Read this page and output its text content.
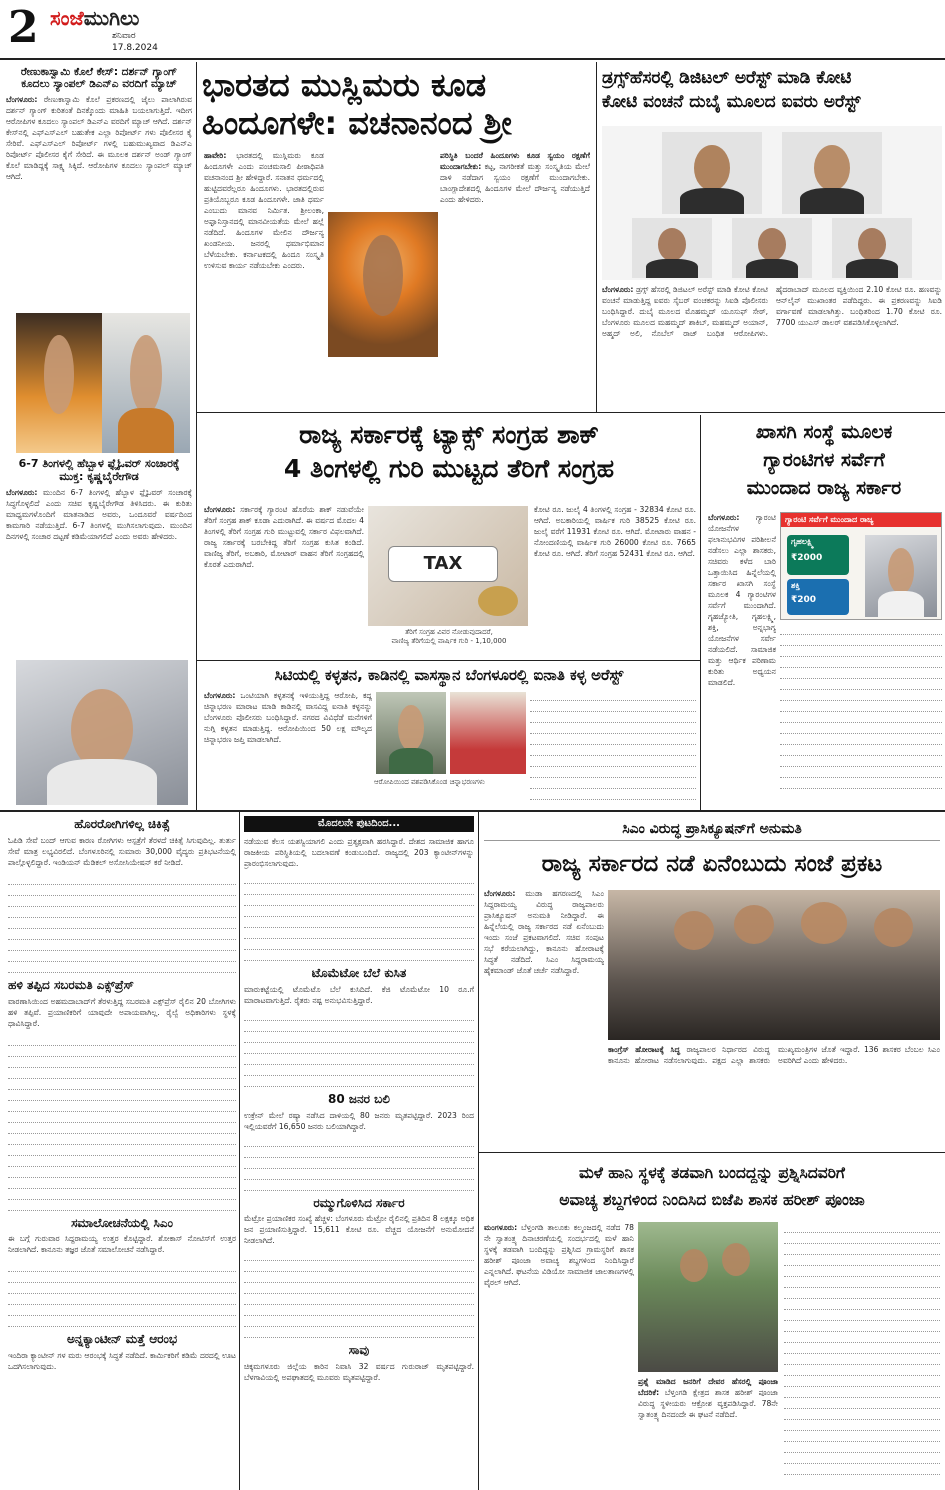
2 ಸಂಜೆಮುಗಿಲು
ಶನಿವಾರ
17.8.2024
ರೇಣುಕಾಸ್ವಾಮಿ ಕೊಲೆ ಕೇಸ್: ದರ್ಶನ್ ಗ್ಯಾಂಗ್ ಕೂದಲು ಸ್ಯಾಂಪಲ್ ಡಿಎನ್‌ಎ ವರದಿಗೆ ಮ್ಯಾಚ್
ಬೆಂಗಳೂರು: ರೇಣುಕಾಸ್ವಾಮಿ ಕೊಲೆ ಪ್ರಕರಣದಲ್ಲಿ ಜೈಲು ಪಾಲಾಗಿರುವ ದರ್ಶನ್ ಗ್ಯಾಂಗ್ ಕುರಿತಂತೆ ದಿನಕ್ಕೊಂದು ಮಾಹಿತಿ ಬಯಲಾಗುತ್ತಿದೆ. ಇದೀಗ ಆರೋಪಿಗಳ ಕೂದಲು ಸ್ಯಾಂಪಲ್ ಡಿಎನ್‌ಎ ವರದಿಗೆ ಮ್ಯಾಚ್ ಆಗಿದೆ. ದರ್ಶನ್ ಕೇಸ್‌ನಲ್ಲಿ ಎಫ್‌ಎಸ್‌ಎಲ್ ಬಹುತೇಕ ಎಲ್ಲಾ ರಿಪೋರ್ಟ್ ಗಳು ಪೊಲೀಸರ ಕೈ ಸೇರಿವೆ. ಎಫ್‌ಎಸ್‌ಎಲ್ ರಿಪೋರ್ಟ್ ಗಳಲ್ಲಿ ಬಹುಮುಖ್ಯವಾದ ಡಿಎನ್‌ಎ ರಿಪೋರ್ಟ್ ಪೊಲೀಸರ ಕೈಗೆ ಸೇರಿದೆ. ಈ ಮೂಲಕ ದರ್ಶನ್ ಅಂಡ್ ಗ್ಯಾಂಗ್ ಕೊಲೆ ಮಾಡಿದ್ದಕ್ಕೆ ಸಾಕ್ಷ್ಯ ಸಿಕ್ಕಿದೆ. ಆರೋಪಿಗಳ ಕೂದಲು ಸ್ಯಾಂಪಲ್ ಮ್ಯಾಚ್ ಆಗಿದೆ.
6-7 ತಿಂಗಳಲ್ಲಿ ಹೆಬ್ಬಾಳ ಫ್ಲೈಓವರ್ ಸಂಚಾರಕ್ಕೆ ಮುಕ್ತ: ಕೃಷ್ಣಬೈರೇಗೌಡ
ಬೆಂಗಳೂರು: ಮುಂದಿನ 6-7 ತಿಂಗಳಲ್ಲಿ ಹೆಬ್ಬಾಳ ಫ್ಲೈಓವರ್ ಸಂಚಾರಕ್ಕೆ ಸಿದ್ಧಗೊಳ್ಳಲಿದೆ ಎಂದು ಸಚಿವ ಕೃಷ್ಣಬೈರೇಗೌಡ ತಿಳಿಸಿದರು. ಈ ಕುರಿತು ಮಾಧ್ಯಮಗಳೊಂದಿಗೆ ಮಾತನಾಡಿದ ಅವರು, ಒಂದೂವರೆ ವರ್ಷದಿಂದ ಕಾಮಗಾರಿ ನಡೆಯುತ್ತಿದೆ. 6-7 ತಿಂಗಳಲ್ಲಿ ಮುಗಿಸಲಾಗುವುದು. ಮುಂದಿನ ದಿನಗಳಲ್ಲಿ ಸಂಚಾರ ದಟ್ಟಣೆ ಕಡಿಮೆಯಾಗಲಿದೆ ಎಂದು ಅವರು ಹೇಳಿದರು.
ಭಾರತದ ಮುಸ್ಲಿಮರು ಕೂಡ
ಹಿಂದೂಗಳೇ: ವಚನಾನಂದ ಶ್ರೀ
ಹಾವೇರಿ: ಭಾರತದಲ್ಲಿ ಮುಸ್ಲಿಮರು ಕೂಡ ಹಿಂದೂಗಳೇ ಎಂದು ಪಂಚಮಸಾಲಿ ಪೀಠಾಧಿಪತಿ ವಚನಾನಂದ ಶ್ರೀ ಹೇಳಿದ್ದಾರೆ. ಸನಾತನ ಧರ್ಮದಲ್ಲಿ ಹುಟ್ಟಿದವರೆಲ್ಲರೂ ಹಿಂದೂಗಳು. ಭಾರತದಲ್ಲಿರುವ ಪ್ರತಿಯೊಬ್ಬರೂ ಕೂಡ ಹಿಂದೂಗಳೇ. ಜಾತಿ ಧರ್ಮ ಎಂಬುದು ಮಾನವ ನಿರ್ಮಿತ. ಶ್ರೀಲಂಕಾ, ಅಫ್ಘಾನಿಸ್ತಾನದಲ್ಲಿ ಮಾನವೀಯತೆಯ ಮೇಲೆ ಹಲ್ಲೆ ನಡೆದಿದೆ. ಹಿಂದೂಗಳ ಮೇಲಿನ ದೌರ್ಜನ್ಯ ಖಂಡನೀಯ. ಜನರಲ್ಲಿ ಧರ್ಮಾಭಿಮಾನ ಬೆಳೆಯಬೇಕು. ಕರ್ನಾಟಕದಲ್ಲಿ ಹಿಂದೂ ಸಂಸ್ಕೃತಿ ಉಳಿಸುವ ಕಾರ್ಯ ನಡೆಯಬೇಕು ಎಂದರು.
ಪರಿಸ್ಥಿತಿ ಬಂದರೆ ಹಿಂದೂಗಳು ಕೂಡ ಸ್ವಯಂ ರಕ್ಷಣೆಗೆ ಮುಂದಾಗಬೇಕು: ಕಟ್ಟ, ನಾಗರೀಕತೆ ಮತ್ತು ಸಂಸ್ಕೃತಿಯ ಮೇಲೆ ದಾಳಿ ನಡೆದಾಗ ಸ್ವಯಂ ರಕ್ಷಣೆಗೆ ಮುಂದಾಗಬೇಕು. ಬಾಂಗ್ಲಾದೇಶದಲ್ಲಿ ಹಿಂದೂಗಳ ಮೇಲೆ ದೌರ್ಜನ್ಯ ನಡೆಯುತ್ತಿದೆ ಎಂದು ಹೇಳಿದರು.
ಡ್ರಗ್ಸ್‌ಹೆಸರಲ್ಲಿ ಡಿಜಿಟಲ್ ಅರೆಸ್ಟ್ ಮಾಡಿ ಕೋಟಿ
ಕೋಟಿ ವಂಚನೆ ದುಬೈ ಮೂಲದ ಐವರು ಅರೆಸ್ಟ್
ಬೆಂಗಳೂರು: ಡ್ರಗ್ಸ್ ಹೆಸರಲ್ಲಿ ಡಿಜಿಟಲ್ ಅರೆಸ್ಟ್ ಮಾಡಿ ಕೋಟಿ ಕೋಟಿ ವಂಚನೆ ಮಾಡುತ್ತಿದ್ದ ಐವರು ಸೈಬರ್ ವಂಚಕರನ್ನು ಸಿಐಡಿ ಪೊಲೀಸರು ಬಂಧಿಸಿದ್ದಾರೆ. ದುಬೈ ಮೂಲದ ಮೊಹಮ್ಮದ್ ಯೂಸುಫ್ ಸೇಠ್, ಬೆಂಗಳೂರು ಮೂಲದ ಮಹಮ್ಮದ್ ಶಾಕಿಬ್, ಮಹಮ್ಮದ್ ಅಯಾನ್, ಅಹ್ಮದ್ ಅಲಿ, ನೊಬೆಲ್ ರಾಜ್ ಬಂಧಿತ ಆರೋಪಿಗಳು. ಹೈದರಾಬಾದ್ ಮೂಲದ ವ್ಯಕ್ತಿಯಿಂದ 2.10 ಕೋಟಿ ರೂ. ಹಣವನ್ನು ಆನ್‌ಲೈನ್ ಮುಖಾಂತರ ಪಡೆದಿದ್ದರು. ಈ ಪ್ರಕರಣವನ್ನು ಸಿಐಡಿ ವರ್ಗಾವಣೆ ಮಾಡಲಾಗಿತ್ತು. ಬಂಧಿತರಿಂದ 1.70 ಕೋಟಿ ರೂ. 7700 ಯುಎಸ್ ಡಾಲರ್ ವಶಪಡಿಸಿಕೊಳ್ಳಲಾಗಿದೆ.
ರಾಜ್ಯ ಸರ್ಕಾರಕ್ಕೆ ಟ್ಯಾಕ್ಸ್ ಸಂಗ್ರಹ ಶಾಕ್
4 ತಿಂಗಳಲ್ಲಿ ಗುರಿ ಮುಟ್ಟದ ತೆರಿಗೆ ಸಂಗ್ರಹ
ಬೆಂಗಳೂರು: ಸರ್ಕಾರಕ್ಕೆ ಗ್ಯಾರಂಟಿ ಹೊರೆಯ ಶಾಕ್ ನಡುವೆಯೇ ತೆರಿಗೆ ಸಂಗ್ರಹ ಶಾಕ್ ಕೂಡಾ ಎದುರಾಗಿದೆ. ಈ ವರ್ಷದ ಮೊದಲ 4 ತಿಂಗಳಲ್ಲಿ ತೆರಿಗೆ ಸಂಗ್ರಹ ಗುರಿ ಮುಟ್ಟುವಲ್ಲಿ ಸರ್ಕಾರ ವಿಫಲವಾಗಿದೆ. ರಾಜ್ಯ ಸರ್ಕಾರಕ್ಕೆ ಬರಬೇಕಿದ್ದ ತೆರಿಗೆ ಸಂಗ್ರಹ ಕುಸಿತ ಕಂಡಿದೆ. ವಾಣಿಜ್ಯ ತೆರಿಗೆ, ಅಬಕಾರಿ, ಮೋಟಾರ್ ವಾಹನ ತೆರಿಗೆ ಸಂಗ್ರಹದಲ್ಲಿ ಕೊರತೆ ಎದುರಾಗಿದೆ.	TAX
ತೆರಿಗೆ ಸಂಗ್ರಹ ವಿವರ ನೋಡುವುದಾದರೆ,
ವಾಣಿಜ್ಯ ತೆರಿಗೆಯಲ್ಲಿ ವಾರ್ಷಿಕ ಗುರಿ - 1,10,000
ಕೋಟಿ ರೂ. ಜುಲೈ 4 ತಿಂಗಳಲ್ಲಿ ಸಂಗ್ರಹ - 32834 ಕೋಟಿ ರೂ. ಆಗಿದೆ. ಅಬಕಾರಿಯಲ್ಲಿ ವಾರ್ಷಿಕ ಗುರಿ 38525 ಕೋಟಿ ರೂ. ಜುಲೈ ವರೆಗೆ 11931 ಕೋಟಿ ರೂ. ಆಗಿದೆ. ಮೋಟಾರು ವಾಹನ - ನೋಂದಣಿಯಲ್ಲಿ ವಾರ್ಷಿಕ ಗುರಿ 26000 ಕೋಟಿ ರೂ. 7665 ಕೋಟಿ ರೂ. ಆಗಿದೆ. ತೆರಿಗೆ ಸಂಗ್ರಹ 52431 ಕೋಟಿ ರೂ. ಆಗಿದೆ.
ಖಾಸಗಿ ಸಂಸ್ಥೆ ಮೂಲಕ
ಗ್ಯಾರಂಟಿಗಳ ಸರ್ವೆಗೆ
ಮುಂದಾದ ರಾಜ್ಯ ಸರ್ಕಾರ
ಬೆಂಗಳೂರು: ಗ್ಯಾರಂಟಿ ಯೋಜನೆಗಳ ಫಲಾನುಭವಿಗಳ ಪರಿಶೀಲನೆ ನಡೆಸಲು ಎಲ್ಲಾ ಶಾಸಕರು, ಸಚಿವರು ಕಳೆದ ಬಾರಿ ಒತ್ತಾಯಿಸಿದ ಹಿನ್ನೆಲೆಯಲ್ಲಿ ಸರ್ಕಾರ ಖಾಸಗಿ ಸಂಸ್ಥೆ ಮೂಲಕ 4 ಗ್ಯಾರಂಟಿಗಳ ಸರ್ವೆಗೆ ಮುಂದಾಗಿದೆ. ಗೃಹಜ್ಯೋತಿ, ಗೃಹಲಕ್ಷ್ಮಿ, ಶಕ್ತಿ, ಅನ್ನಭಾಗ್ಯ ಯೋಜನೆಗಳ ಸರ್ವೇ ನಡೆಯಲಿದೆ. ಸಾಮಾಜಿಕ ಮತ್ತು ಆರ್ಥಿಕ ಪರಿಣಾಮ ಕುರಿತು ಅಧ್ಯಯನ ಮಾಡಲಿದೆ.
ಗ್ಯಾರಂಟಿ ಸರ್ವೆಗೆ ಮುಂದಾದ ರಾಜ್ಯ
ಗೃಹಲಕ್ಷ್ಮಿ
₹2000
ಶಕ್ತಿ
₹200
ಸಿಟಿಯಲ್ಲಿ ಕಳ್ಳತನ, ಕಾಡಿನಲ್ಲಿ ವಾಸಸ್ಥಾನ ಬೆಂಗಳೂರಲ್ಲಿ ಐನಾತಿ ಕಳ್ಳ ಅರೆಸ್ಟ್
ಬೆಂಗಳೂರು: ಒಂಟಿಯಾಗಿ ಕಳ್ಳತನಕ್ಕೆ ಇಳಿಯುತ್ತಿದ್ದ ಆರೋಪಿ, ಕದ್ದ ಚಿನ್ನಾಭರಣ ಮಾರಾಟ ಮಾಡಿ ಕಾಡಿನಲ್ಲಿ ವಾಸವಿದ್ದ ಐನಾತಿ ಕಳ್ಳನನ್ನು ಬೆಂಗಳೂರು ಪೊಲೀಸರು ಬಂಧಿಸಿದ್ದಾರೆ. ನಗರದ ವಿವಿಧೆಡೆ ಮನೆಗಳಿಗೆ ನುಗ್ಗಿ ಕಳ್ಳತನ ಮಾಡುತ್ತಿದ್ದ. ಆರೋಪಿಯಿಂದ 50 ಲಕ್ಷ ಮೌಲ್ಯದ ಚಿನ್ನಾಭರಣ ಜಪ್ತಿ ಮಾಡಲಾಗಿದೆ.
ಆರೋಪಿಯಿಂದ ವಶಪಡಿಸಿಕೊಂಡ ಚಿನ್ನಾಭರಣಗಳು
ಹೊರರೋಗಿಗಳಿಲ್ಲ ಚಿಕಿತ್ಸೆ
ಓಪಿಡಿ ಸೇವೆ ಬಂದ್ ಆಗುವ ಕಾರಣ ರೋಗಿಗಳು ಆಸ್ಪತ್ರೆಗೆ ತೆರಳದೆ ಚಿಕಿತ್ಸೆ ಸಿಗುವುದಿಲ್ಲ. ತುರ್ತು ಸೇವೆ ಮಾತ್ರ ಲಭ್ಯವಿರಲಿದೆ. ಬೆಂಗಳೂರಿನಲ್ಲಿ ಸುಮಾರು 30,000 ವೈದ್ಯರು ಪ್ರತಿಭಟನೆಯಲ್ಲಿ ಪಾಲ್ಗೊಳ್ಳಲಿದ್ದಾರೆ. ಇಂಡಿಯನ್ ಮೆಡಿಕಲ್ ಅಸೋಸಿಯೇಷನ್ ಕರೆ ನೀಡಿದೆ.
ಹಳಿ ತಪ್ಪಿದ ಸಬರಮತಿ ಎಕ್ಸ್‌ಪ್ರೆಸ್
ವಾರಣಾಸಿಯಿಂದ ಅಹಮದಾಬಾದ್‌ಗೆ ತೆರಳುತ್ತಿದ್ದ ಸಬರಮತಿ ಎಕ್ಸ್‌ಪ್ರೆಸ್ ರೈಲಿನ 20 ಬೋಗಿಗಳು ಹಳಿ ತಪ್ಪಿವೆ. ಪ್ರಯಾಣಿಕರಿಗೆ ಯಾವುದೇ ಅಪಾಯವಾಗಿಲ್ಲ. ರೈಲ್ವೆ ಅಧಿಕಾರಿಗಳು ಸ್ಥಳಕ್ಕೆ ಧಾವಿಸಿದ್ದಾರೆ.
ಸಮಾಲೋಚನೆಯಲ್ಲಿ ಸಿಎಂ
ಈ ಬಗ್ಗೆ ಗುರುವಾರ ಸಿದ್ದರಾಮಯ್ಯ ಉತ್ತರ ಕೊಟ್ಟಿದ್ದಾರೆ. ಶೋಕಾಸ್ ನೋಟಿಸ್‌ಗೆ ಉತ್ತರ ನೀಡಲಾಗಿದೆ. ಕಾನೂನು ತಜ್ಞರ ಜೊತೆ ಸಮಾಲೋಚನೆ ನಡೆಸಿದ್ದಾರೆ.
ಅನ್ನಕ್ಯಾಂಟೀನ್ ಮತ್ತೆ ಆರಂಭ
ಇಂದಿರಾ ಕ್ಯಾಂಟೀನ್ ಗಳ ಮರು ಆರಂಭಕ್ಕೆ ಸಿದ್ಧತೆ ನಡೆದಿದೆ. ಕಾರ್ಮಿಕರಿಗೆ ಕಡಿಮೆ ದರದಲ್ಲಿ ಊಟ ಒದಗಿಸಲಾಗುವುದು.
ಮೊದಲನೇ ಪುಟದಿಂದ...
ನಡೆಯುವ ಕೆಲಸ ಯಶಸ್ವಿಯಾಗಲಿ ಎಂದು ಪ್ರತ್ಯಕ್ಷವಾಗಿ ಹರಸಿದ್ದಾರೆ. ದೇಶದ ಸಾಮಾಜಿಕ ಹಾಗೂ ರಾಜಕೀಯ ಪರಿಸ್ಥಿತಿಯಲ್ಲಿ ಬದಲಾವಣೆ ಕಂಡುಬಂದಿದೆ. ರಾಜ್ಯದಲ್ಲಿ 203 ಕ್ಯಾಂಟೀನ್‌ಗಳನ್ನು ಪ್ರಾರಂಭಿಸಲಾಗುವುದು.
ಟೊಮೆಟೋ ಬೆಲೆ ಕುಸಿತ
ಮಾರುಕಟ್ಟೆಯಲ್ಲಿ ಟೊಮೆಟೊ ಬೆಲೆ ಕುಸಿದಿದೆ. ಕೆಜಿ ಟೊಮೆಟೋ 10 ರೂ.ಗೆ ಮಾರಾಟವಾಗುತ್ತಿದೆ. ರೈತರು ನಷ್ಟ ಅನುಭವಿಸುತ್ತಿದ್ದಾರೆ.
80 ಜನರ ಬಲಿ
ಉಕ್ರೇನ್ ಮೇಲೆ ರಷ್ಯಾ ನಡೆಸಿದ ದಾಳಿಯಲ್ಲಿ 80 ಜನರು ಮೃತಪಟ್ಟಿದ್ದಾರೆ. 2023 ರಿಂದ ಇಲ್ಲಿಯವರೆಗೆ 16,650 ಜನರು ಬಲಿಯಾಗಿದ್ದಾರೆ.
ರಮ್ಮುಗೊಳಿಸಿದ ಸರ್ಕಾರ
ಮೆಟ್ರೋ ಪ್ರಯಾಣಿಕರ ಸಂಖ್ಯೆ ಹೆಚ್ಚಳ: ಬೆಂಗಳೂರು ಮೆಟ್ರೋ ರೈಲಿನಲ್ಲಿ ಪ್ರತಿದಿನ 8 ಲಕ್ಷಕ್ಕೂ ಅಧಿಕ ಜನ ಪ್ರಯಾಣಿಸುತ್ತಿದ್ದಾರೆ. 15,611 ಕೋಟಿ ರೂ. ವೆಚ್ಚದ ಯೋಜನೆಗೆ ಅನುಮೋದನೆ ನೀಡಲಾಗಿದೆ.
ಸಾವು
ಚಿಕ್ಕಮಗಳೂರು ಜಿಲ್ಲೆಯ ಕಾರಿನ ನಿವಾಸಿ 32 ವರ್ಷದ ಗುರುರಾಜ್ ಮೃತಪಟ್ಟಿದ್ದಾರೆ. ಬೆಳಗಾವಿಯಲ್ಲಿ ಅಪಘಾತದಲ್ಲಿ ಮೂವರು ಮೃತಪಟ್ಟಿದ್ದಾರೆ.
ಸಿಎಂ ವಿರುದ್ಧ ಪ್ರಾಸಿಕ್ಯೂಷನ್‌ಗೆ ಅನುಮತಿ
ರಾಜ್ಯ ಸರ್ಕಾರದ ನಡೆ ಏನೆಂಬುದು ಸಂಜೆ ಪ್ರಕಟ
ಬೆಂಗಳೂರು: ಮುಡಾ ಹಗರಣದಲ್ಲಿ ಸಿಎಂ ಸಿದ್ದರಾಮಯ್ಯ ವಿರುದ್ಧ ರಾಜ್ಯಪಾಲರು ಪ್ರಾಸಿಕ್ಯೂಷನ್ ಅನುಮತಿ ನೀಡಿದ್ದಾರೆ. ಈ ಹಿನ್ನೆಲೆಯಲ್ಲಿ ರಾಜ್ಯ ಸರ್ಕಾರದ ನಡೆ ಏನೆಂಬುದು ಇಂದು ಸಂಜೆ ಪ್ರಕಟವಾಗಲಿದೆ. ಸಚಿವ ಸಂಪುಟ ಸಭೆ ಕರೆಯಲಾಗಿದ್ದು, ಕಾನೂನು ಹೋರಾಟಕ್ಕೆ ಸಿದ್ಧತೆ ನಡೆದಿದೆ. ಸಿಎಂ ಸಿದ್ದರಾಮಯ್ಯ ಹೈಕಮಾಂಡ್ ಜೊತೆ ಚರ್ಚೆ ನಡೆಸಿದ್ದಾರೆ.
ಕಾಂಗ್ರೆಸ್ ಹೋರಾಟಕ್ಕೆ ಸಿದ್ಧ ರಾಜ್ಯಪಾಲರ ನಿರ್ಧಾರದ ವಿರುದ್ಧ ಕಾನೂನು ಹೋರಾಟ ನಡೆಸಲಾಗುವುದು. ಪಕ್ಷದ ಎಲ್ಲಾ ಶಾಸಕರು ಮುಖ್ಯಮಂತ್ರಿಗಳ ಜೊತೆ ಇದ್ದಾರೆ. 136 ಶಾಸಕರ ಬೆಂಬಲ ಸಿಎಂ ಅವರಿಗಿದೆ ಎಂದು ಹೇಳಿದರು.
ಮಳೆ ಹಾನಿ ಸ್ಥಳಕ್ಕೆ ತಡವಾಗಿ ಬಂದದ್ದನ್ನು ಪ್ರಶ್ನಿಸಿದವರಿಗೆ
ಅವಾಚ್ಯ ಶಬ್ದಗಳಿಂದ ನಿಂದಿಸಿದ ಬಿಜೆಪಿ ಶಾಸಕ ಹರೀಶ್ ಪೂಂಜಾ
ಮಂಗಳೂರು: ಬೆಳ್ತಂಗಡಿ ತಾಲೂಕು ಕಲ್ಮಂಜದಲ್ಲಿ ನಡೆದ 78 ನೇ ಸ್ವಾತಂತ್ರ್ಯ ದಿನಾಚರಣೆಯಲ್ಲಿ ಸಂದರ್ಭದಲ್ಲಿ ಮಳೆ ಹಾನಿ ಸ್ಥಳಕ್ಕೆ ತಡವಾಗಿ ಬಂದಿದ್ದನ್ನು ಪ್ರಶ್ನಿಸಿದ ಗ್ರಾಮಸ್ಥರಿಗೆ ಶಾಸಕ ಹರೀಶ್ ಪೂಂಜಾ ಅವಾಚ್ಯ ಶಬ್ದಗಳಿಂದ ನಿಂದಿಸಿದ್ದಾರೆ ಎನ್ನಲಾಗಿದೆ. ಘಟನೆಯ ವಿಡಿಯೋ ಸಾಮಾಜಿಕ ಜಾಲತಾಣಗಳಲ್ಲಿ ವೈರಲ್ ಆಗಿದೆ.
ಪ್ರಶ್ನೆ ಮಾಡಿದ ಜನರಿಗೆ ದೇವರ ಹೆಸರಲ್ಲಿ ಪೂಂಜಾ ಬೆದರಿಕೆ: ಬೆಳ್ತಂಗಡಿ ಕ್ಷೇತ್ರದ ಶಾಸಕ ಹರೀಶ್ ಪೂಂಜಾ ವಿರುದ್ಧ ಸ್ಥಳೀಯರು ಆಕ್ರೋಶ ವ್ಯಕ್ತಪಡಿಸಿದ್ದಾರೆ. 78ನೇ ಸ್ವಾತಂತ್ರ್ಯ ದಿನದಂದೇ ಈ ಘಟನೆ ನಡೆದಿದೆ.
